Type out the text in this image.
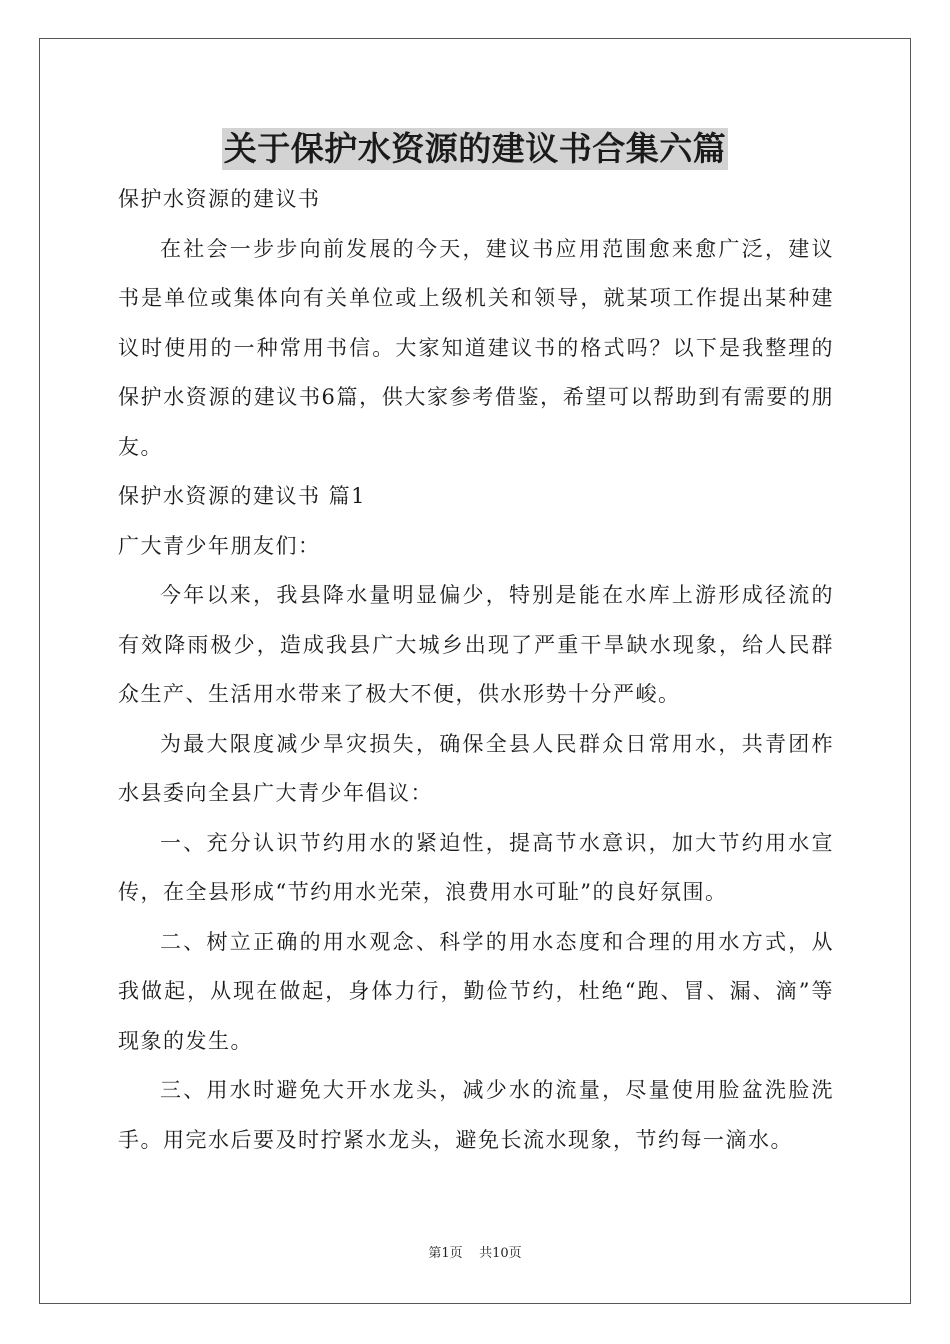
关于保护水资源的建议书合集六篇

保护水资源的建议书

在社会一步步向前发展的今天，建议书应用范围愈来愈广泛，建议书是单位或集体向有关单位或上级机关和领导，就某项工作提出某种建议时使用的一种常用书信。大家知道建议书的格式吗？以下是我整理的保护水资源的建议书6篇，供大家参考借鉴，希望可以帮助到有需要的朋友。

保护水资源的建议书 篇1

广大青少年朋友们：

今年以来，我县降水量明显偏少，特别是能在水库上游形成径流的有效降雨极少，造成我县广大城乡出现了严重干旱缺水现象，给人民群众生产、生活用水带来了极大不便，供水形势十分严峻。

为最大限度减少旱灾损失，确保全县人民群众日常用水，共青团柞水县委向全县广大青少年倡议：

一、充分认识节约用水的紧迫性，提高节水意识，加大节约用水宣传，在全县形成“节约用水光荣，浪费用水可耻”的良好氛围。

二、树立正确的用水观念、科学的用水态度和合理的用水方式，从我做起，从现在做起，身体力行，勤俭节约，杜绝“跑、冒、漏、滴”等现象的发生。

三、用水时避免大开水龙头，减少水的流量，尽量使用脸盆洗脸洗手。用完水后要及时拧紧水龙头，避免长流水现象，节约每一滴水。

第1页    共10页
